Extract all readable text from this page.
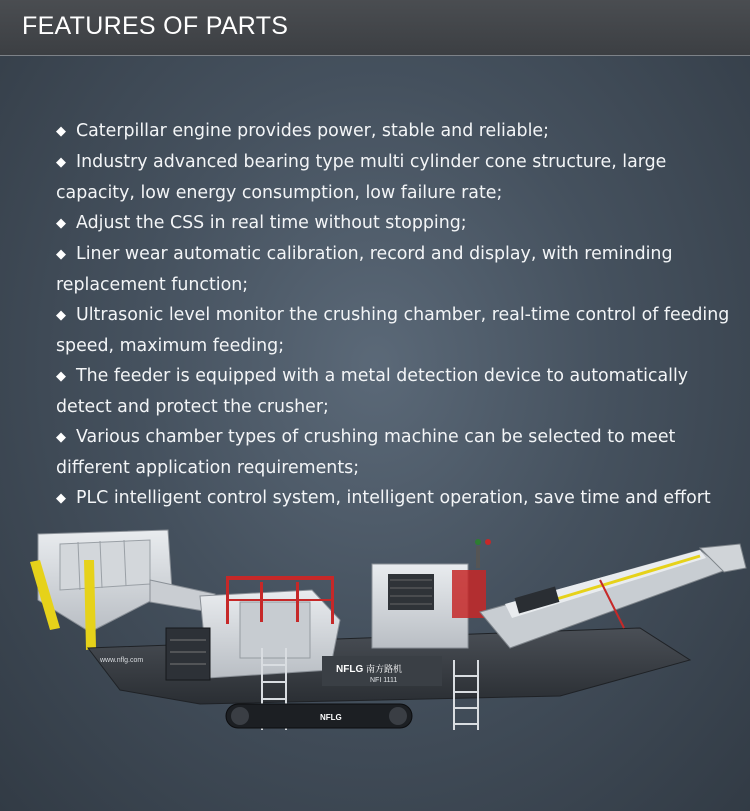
FEATURES OF PARTS

◆ Caterpillar engine provides power, stable and reliable;

◆ Industry advanced bearing type multi cylinder cone structure, large capacity, low energy consumption, low failure rate;

◆ Adjust the CSS in real time without stopping;

◆ Liner wear automatic calibration, record and display, with reminding replacement function;

◆ Ultrasonic level monitor the crushing chamber, real-time control of feeding speed, maximum feeding;

◆ The feeder is equipped with a metal detection device to automatically detect and protect the crusher;

◆ Various chamber types of crushing machine can be selected to meet different application requirements;

◆ PLC intelligent control system, intelligent operation, save time and effort

www.nflg.com
NFLG 南方路机
NFI 1111
NFLG
